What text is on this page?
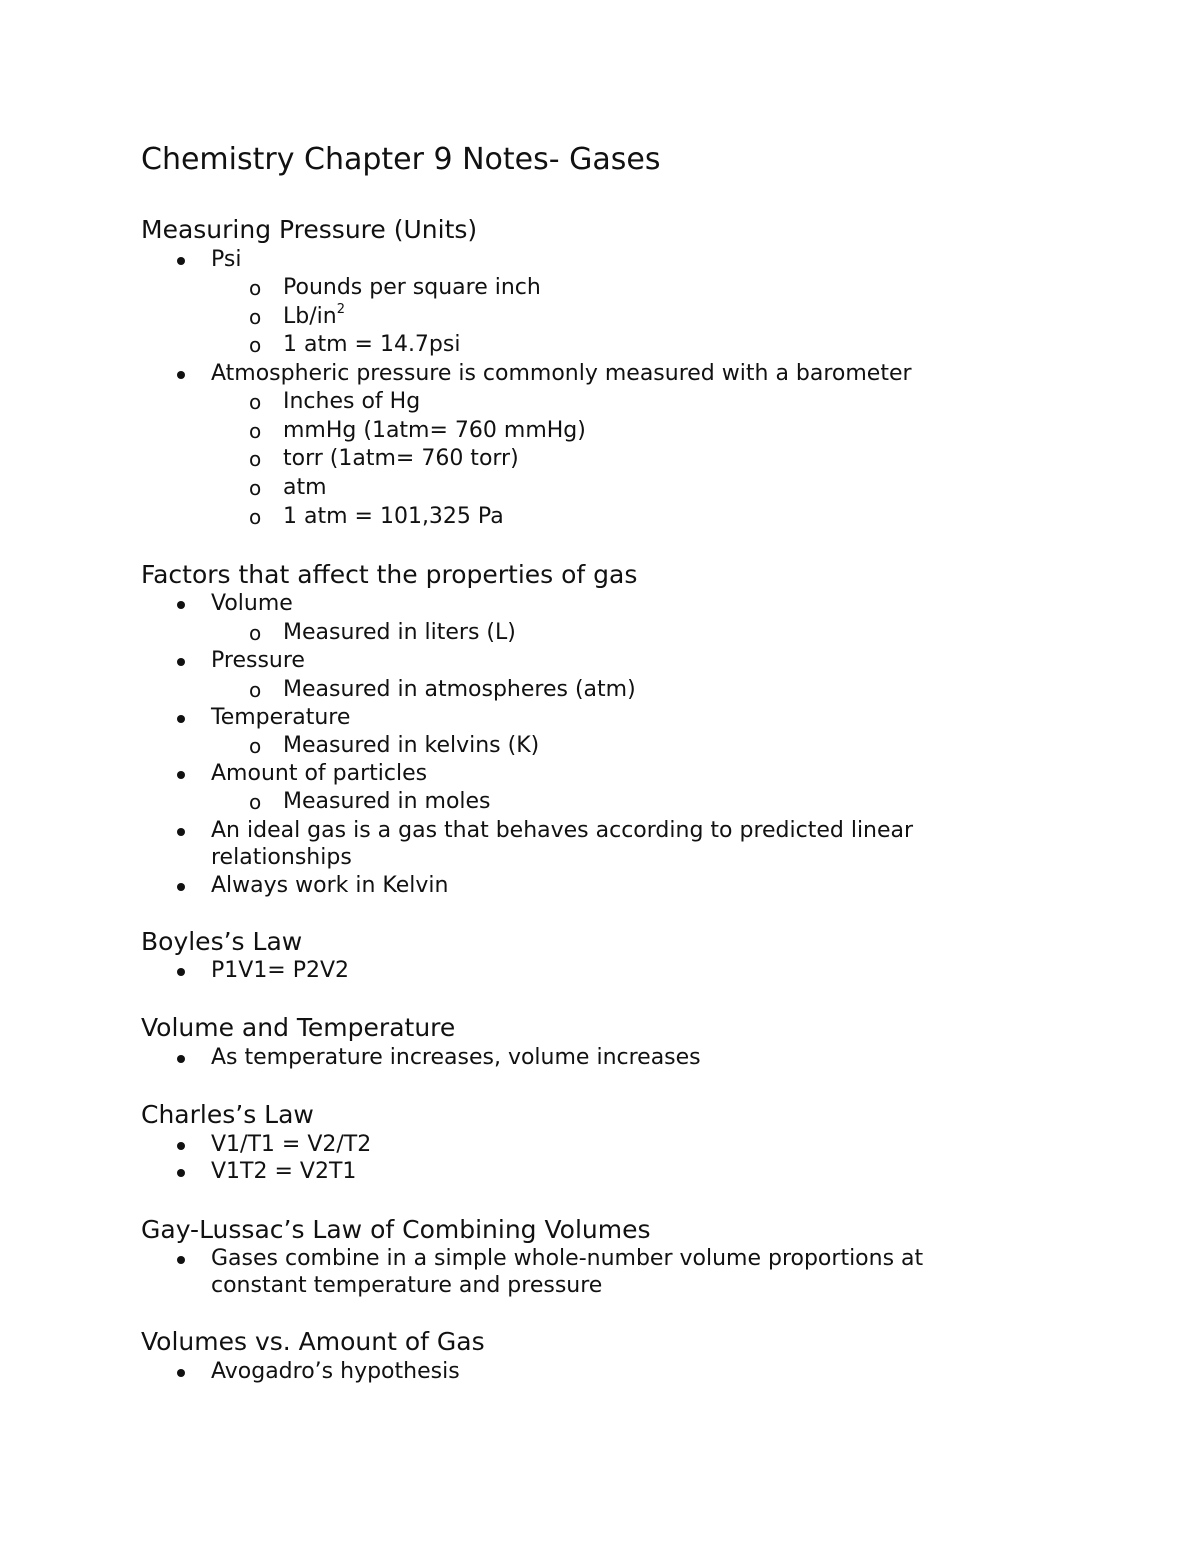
Chemistry Chapter 9 Notes- Gases
Measuring Pressure (Units)
Psi
o Pounds per square inch
o $Lb/in^2$
o 1 atm = 14.7psi
Atmospheric pressure is commonly measured with a barometer
o Inches of Hg
o mmHg (1atm= 760 mmHg)
o torr (1atm= 760 torr)
o atm
o 1 atm = 101,325 Pa
Factors that affect the properties of gas
Volume
o Measured in liters (L)
Pressure
o Measured in atmospheres (atm)
Temperature
o Measured in kelvins (K)
Amount of particles
o Measured in moles
An ideal gas is a gas that behaves according to predicted linear
relationships
Always work in Kelvin
Boyles’s Law
P1V1= P2V2
Volume and Temperature
As temperature increases, volume increases
Charles’s Law
V1/T1 = V2/T2
V1T2 = V2T1
Gay-Lussac’s Law of Combining Volumes
Gases combine in a simple whole-number volume proportions at
constant temperature and pressure
Volumes vs. Amount of Gas
Avogadro’s hypothesis
